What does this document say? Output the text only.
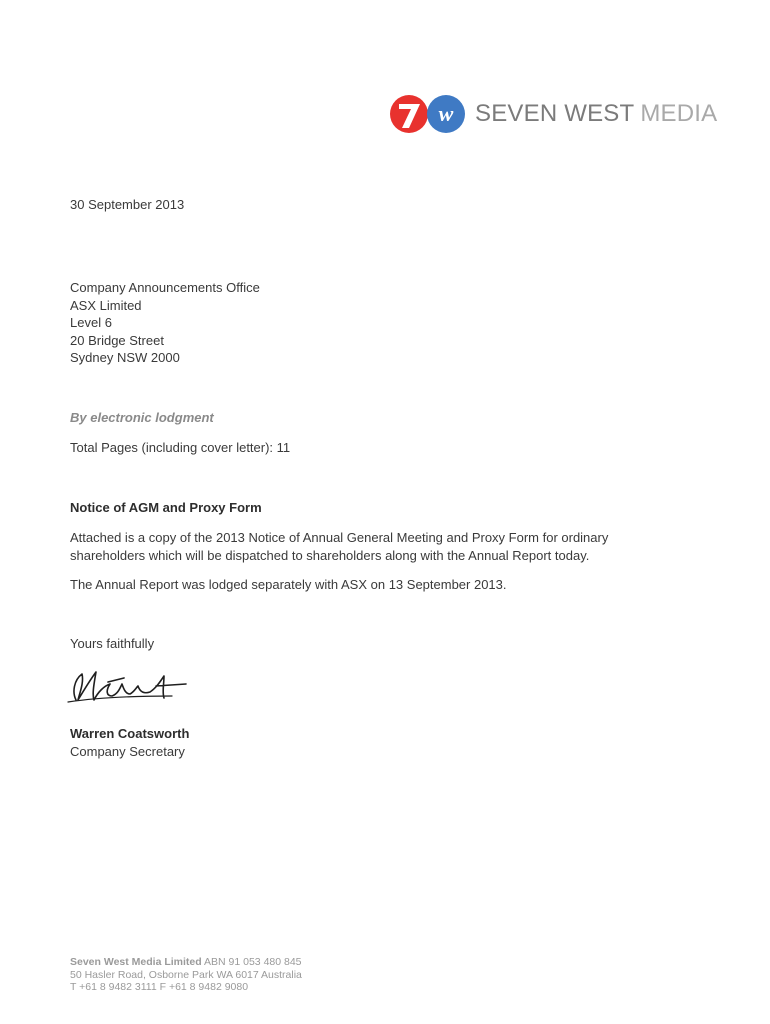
w SEVEN WEST MEDIA
30 September 2013
Company Announcements Office
ASX Limited
Level 6
20 Bridge Street
Sydney NSW 2000
By electronic lodgment
Total Pages (including cover letter): 11
Notice of AGM and Proxy Form
Attached is a copy of the 2013 Notice of Annual General Meeting and Proxy Form for ordinary
shareholders which will be dispatched to shareholders along with the Annual Report today.
The Annual Report was lodged separately with ASX on 13 September 2013.
Yours faithfully
Warren Coatsworth
Company Secretary
Seven West Media Limited ABN 91 053 480 845
50 Hasler Road, Osborne Park WA 6017 Australia
T +61 8 9482 3111 F +61 8 9482 9080
